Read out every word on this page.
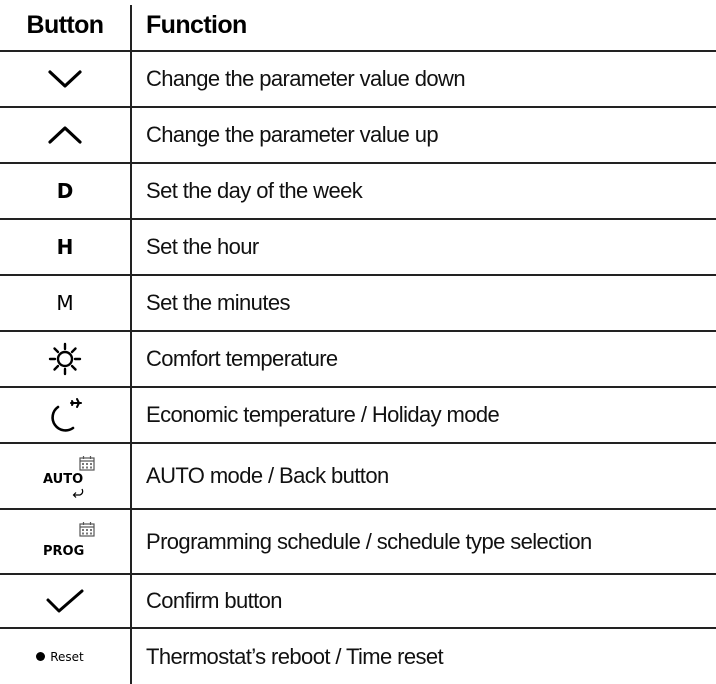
Button	Function
Change the parameter value down
Change the parameter value up
D	Set the day of the week
H	Set the hour
M	Set the minutes
Comfort temperature
Economic temperature / Holiday mode
AUTO	AUTO mode / Back button
PROG	Programming schedule / schedule type selection
Confirm button
Reset	Thermostat’s reboot / Time reset
